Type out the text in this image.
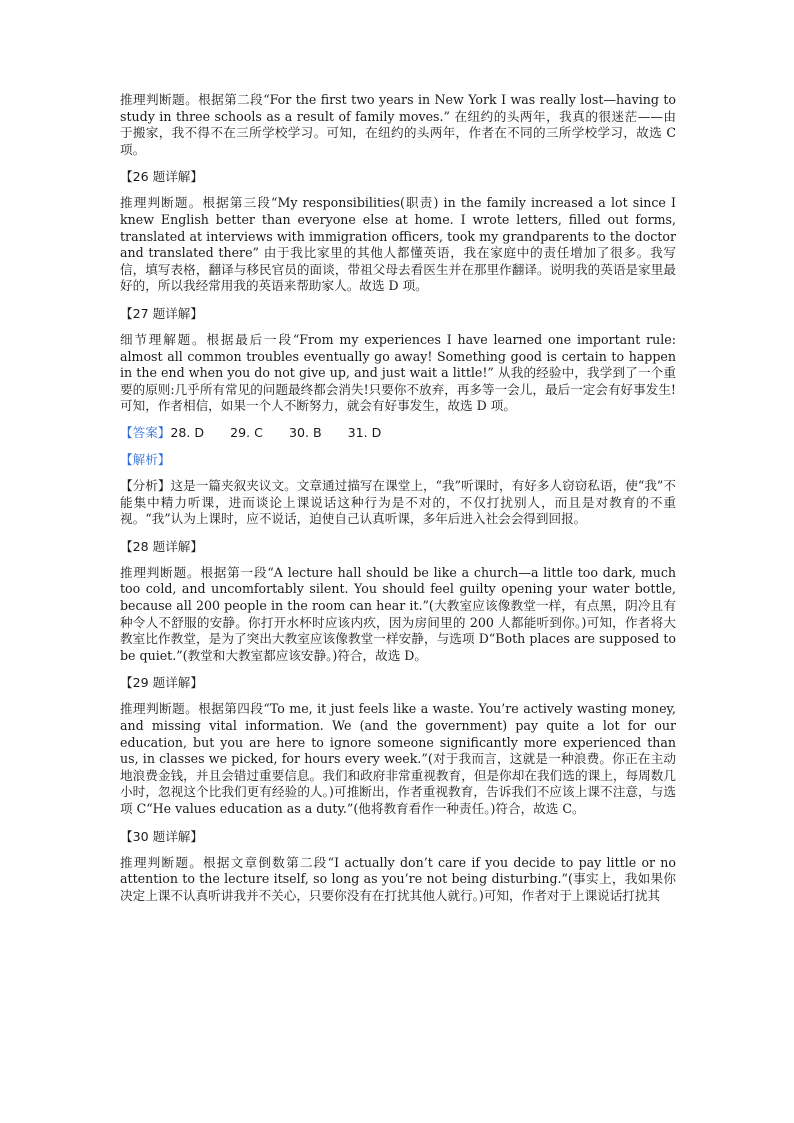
推理判断题。根据第二段“For the first two years in New York I was really lost—having to study in three schools as a result of family moves.” 在纽约的头两年，我真的很迷茫——由于搬家，我不得不在三所学校学习。可知，在纽约的头两年，作者在不同的三所学校学习，故选 C 项。

【26 题详解】

推理判断题。根据第三段“My responsibilities(职责) in the family increased a lot since I knew English better than everyone else at home. I wrote letters, filled out forms, translated at interviews with immigration officers, took my grandparents to the doctor and translated there” 由于我比家里的其他人都懂英语，我在家庭中的责任增加了很多。我写信，填写表格，翻译与移民官员的面谈，带祖父母去看医生并在那里作翻译。说明我的英语是家里最好的，所以我经常用我的英语来帮助家人。故选 D 项。

【27 题详解】

细节理解题。根据最后一段“From my experiences I have learned one important rule: almost all common troubles eventually go away! Something good is certain to happen in the end when you do not give up, and just wait a little!” 从我的经验中，我学到了一个重要的原则:几乎所有常见的问题最终都会消失!只要你不放弃，再多等一会儿，最后一定会有好事发生!可知，作者相信，如果一个人不断努力，就会有好事发生，故选 D 项。

【答案】28. D 29. C 30. B 31. D
【解析】

【分析】这是一篇夹叙夹议文。文章通过描写在课堂上，“我”听课时，有好多人窃窃私语，使“我”不能集中精力听课，进而谈论上课说话这种行为是不对的，不仅打扰别人，而且是对教育的不重视。“我”认为上课时，应不说话，迫使自己认真听课，多年后进入社会会得到回报。

【28 题详解】

推理判断题。根据第一段“A lecture hall should be like a church—a little too dark, much too cold, and uncomfortably silent. You should feel guilty opening your water bottle, because all 200 people in the room can hear it.”(大教室应该像教堂一样，有点黑，阴冷且有种令人不舒服的安静。你打开水杯时应该内疚，因为房间里的 200 人都能听到你。)可知，作者将大教室比作教堂，是为了突出大教室应该像教堂一样安静，与选项 D“Both places are supposed to be quiet.”(教堂和大教室都应该安静。)符合，故选 D。

【29 题详解】

推理判断题。根据第四段“To me, it just feels like a waste. You’re actively wasting money, and missing vital information. We (and the government) pay quite a lot for our education, but you are here to ignore someone significantly more experienced than us, in classes we picked, for hours every week.”(对于我而言，这就是一种浪费。你正在主动地浪费金钱，并且会错过重要信息。我们和政府非常重视教育，但是你却在我们选的课上，每周数几小时，忽视这个比我们更有经验的人。)可推断出，作者重视教育，告诉我们不应该上课不注意，与选项 C“He values education as a duty.”(他将教育看作一种责任。)符合，故选 C。

【30 题详解】

推理判断题。根据文章倒数第二段“I actually don’t care if you decide to pay little or no attention to the lecture itself, so long as you’re not being disturbing.”(事实上，我如果你决定上课不认真听讲我并不关心，只要你没有在打扰其他人就行。)可知，作者对于上课说话打扰其
